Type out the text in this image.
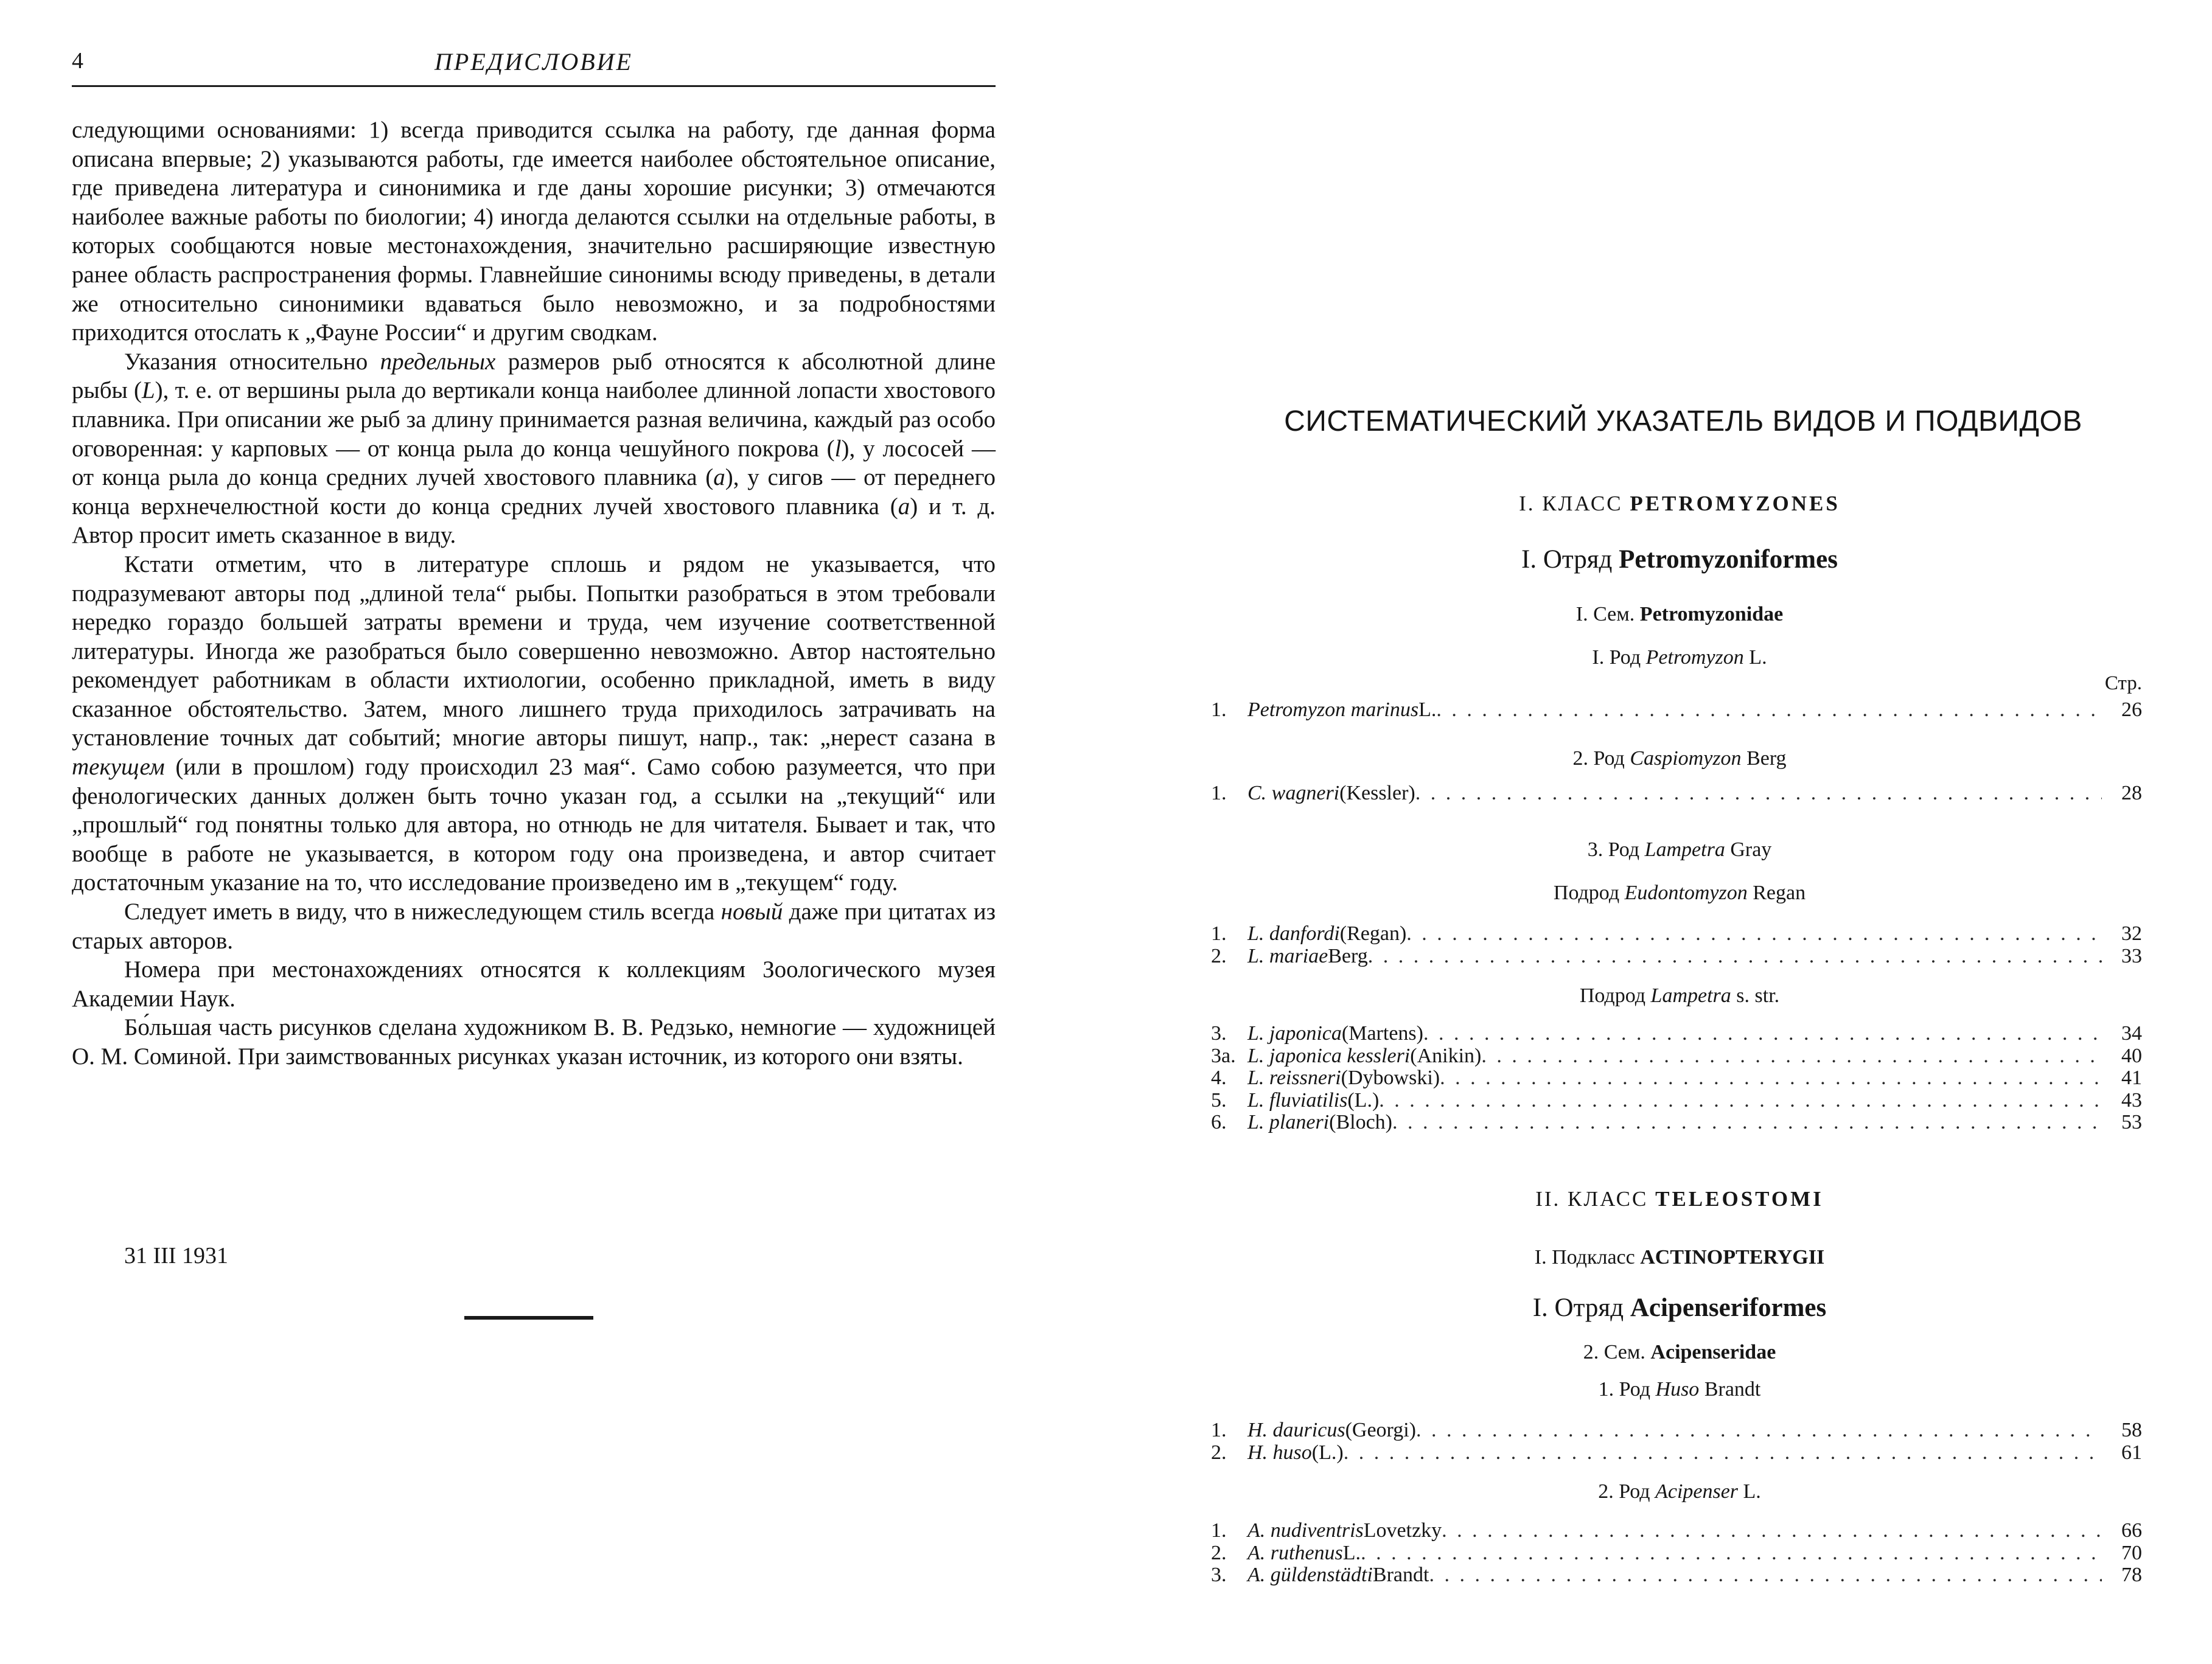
4	ПРЕДИСЛОВИЕ

следующими основаниями: 1) всегда приводится ссылка на работу, где данная форма описана впервые; 2) указываются работы, где имеется наиболее обстоятельное описание, где приведена литература и синонимика и где даны хорошие рисунки; 3) отмечаются наиболее важные работы по биологии; 4) иногда делаются ссылки на отдельные работы, в которых сообщаются новые местонахождения, значительно расширяющие известную ранее область распространения формы. Главнейшие синонимы всюду приведены, в детали же относительно синонимики вдаваться было невозможно, и за подробностями приходится отослать к „Фауне России“ и другим сводкам.

Указания относительно предельных размеров рыб относятся к абсолютной длине рыбы (L), т. е. от вершины рыла до вертикали конца наиболее длинной лопасти хвостового плавника. При описании же рыб за длину принимается разная величина, каждый раз особо оговоренная: у карповых — от конца рыла до конца чешуйного покрова (l), у лососей — от конца рыла до конца средних лучей хвостового плавника (a), у сигов — от переднего конца верхнечелюстной кости до конца средних лучей хвостового плавника (a) и т. д. Автор просит иметь сказанное в виду.

Кстати отметим, что в литературе сплошь и рядом не указывается, что подразумевают авторы под „длиной тела“ рыбы. Попытки разобраться в этом требовали нередко гораздо большей затраты времени и труда, чем изучение соответственной литературы. Иногда же разобраться было совершенно невозможно. Автор настоятельно рекомендует работникам в области ихтиологии, особенно прикладной, иметь в виду сказанное обстоятельство. Затем, много лишнего труда приходилось затрачивать на установление точных дат событий; многие авторы пишут, напр., так: „нерест сазана в текущем (или в прошлом) году происходил 23 мая“. Само собою разумеется, что при фенологических данных должен быть точно указан год, а ссылки на „текущий“ или „прошлый“ год понятны только для автора, но отнюдь не для читателя. Бывает и так, что вообще в работе не указывается, в котором году она произведена, и автор считает достаточным указание на то, что исследование произведено им в „текущем“ году.

Следует иметь в виду, что в нижеследующем стиль всегда новый даже при цитатах из старых авторов.

Номера при местонахождениях относятся к коллекциям Зоологического музея Академии Наук.

Бо́льшая часть рисунков сделана художником В. В. Редзько, немногие — художницей О. М. Соминой. При заимствованных рисунках указан источник, из которого они взяты.

31 III 1931
СИСТЕМАТИЧЕСКИЙ УКАЗАТЕЛЬ ВИДОВ И ПОДВИДОВ
I. КЛАСС PETROMYZONES
I. Отряд Petromyzoniformes
I. Сем. Petromyzonidae
I. Род Petromyzon L.
Стр.
2. Род Caspiomyzon Berg
3. Род Lampetra Gray
Подрод Eudontomyzon Regan
Подрод Lampetra s. str.
II. КЛАСС TELEOSTOMI
I. Подкласс ACTINOPTERYGII
I. Отряд Acipenseriformes
2. Сем. Acipenseridae
1. Род Huso Brandt
2. Род Acipenser L.
1.	Petromyzon marinus L. . . .	26
1.	C. wagneri (Kessler) . . .	28
1.	L. danfordi (Regan) . . .	32
2.	L. mariae Berg . . .	33
3.	L. japonica (Martens) . . .	34
3a. L. japonica kessleri (Anikin) . . .	40
4.	L. reissneri (Dybowski) . . .	41
5.	L. fluviatilis (L.) . . .	43
6.	L. planeri (Bloch) . . .	53
1.	H. dauricus (Georgi) . . .	58
2.	H. huso (L.) . . .	61
1.	A. nudiventris Lovetzky . . .	66
2.	A. ruthenus L. . . .	70
3.	A. güldenstädti Brandt . . .	78
